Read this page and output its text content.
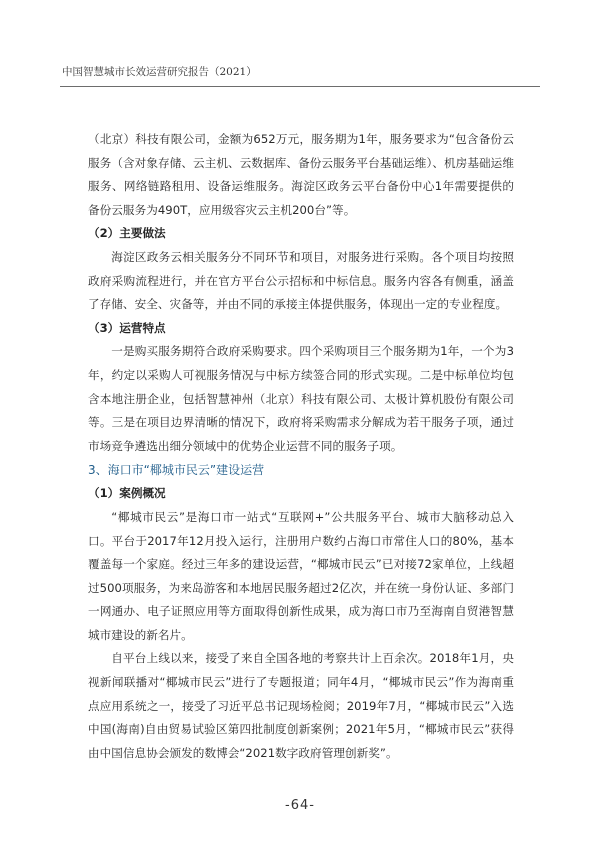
中国智慧城市长效运营研究报告（2021）

（北京）科技有限公司，金额为652万元，服务期为1年，服务要求为“包含备份云服务（含对象存储、云主机、云数据库、备份云服务平台基础运维）、机房基础运维服务、网络链路租用、设备运维服务。海淀区政务云平台备份中心1年需要提供的备份云服务为490T，应用级容灾云主机200台”等。

（2）主要做法

海淀区政务云相关服务分不同环节和项目，对服务进行采购。各个项目均按照政府采购流程进行，并在官方平台公示招标和中标信息。服务内容各有侧重，涵盖了存储、安全、灾备等，并由不同的承接主体提供服务，体现出一定的专业程度。

（3）运营特点

一是购买服务期符合政府采购要求。四个采购项目三个服务期为1年，一个为3年，约定以采购人可视服务情况与中标方续签合同的形式实现。二是中标单位均包含本地注册企业，包括智慧神州（北京）科技有限公司、太极计算机股份有限公司等。三是在项目边界清晰的情况下，政府将采购需求分解成为若干服务子项，通过市场竞争遴选出细分领域中的优势企业运营不同的服务子项。

3、海口市“椰城市民云”建设运营

（1）案例概况

“椰城市民云”是海口市一站式“互联网+”公共服务平台、城市大脑移动总入口。平台于2017年12月投入运行，注册用户数约占海口市常住人口的80%，基本覆盖每一个家庭。经过三年多的建设运营，“椰城市民云”已对接72家单位，上线超过500项服务，为来岛游客和本地居民服务超过2亿次，并在统一身份认证、多部门一网通办、电子证照应用等方面取得创新性成果，成为海口市乃至海南自贸港智慧城市建设的新名片。

自平台上线以来，接受了来自全国各地的考察共计上百余次。2018年1月，央视新闻联播对“椰城市民云”进行了专题报道；同年4月，“椰城市民云”作为海南重点应用系统之一，接受了习近平总书记现场检阅；2019年7月，“椰城市民云”入选中国(海南)自由贸易试验区第四批制度创新案例；2021年5月，“椰城市民云”获得由中国信息协会颁发的数博会“2021数字政府管理创新奖”。

-64-
